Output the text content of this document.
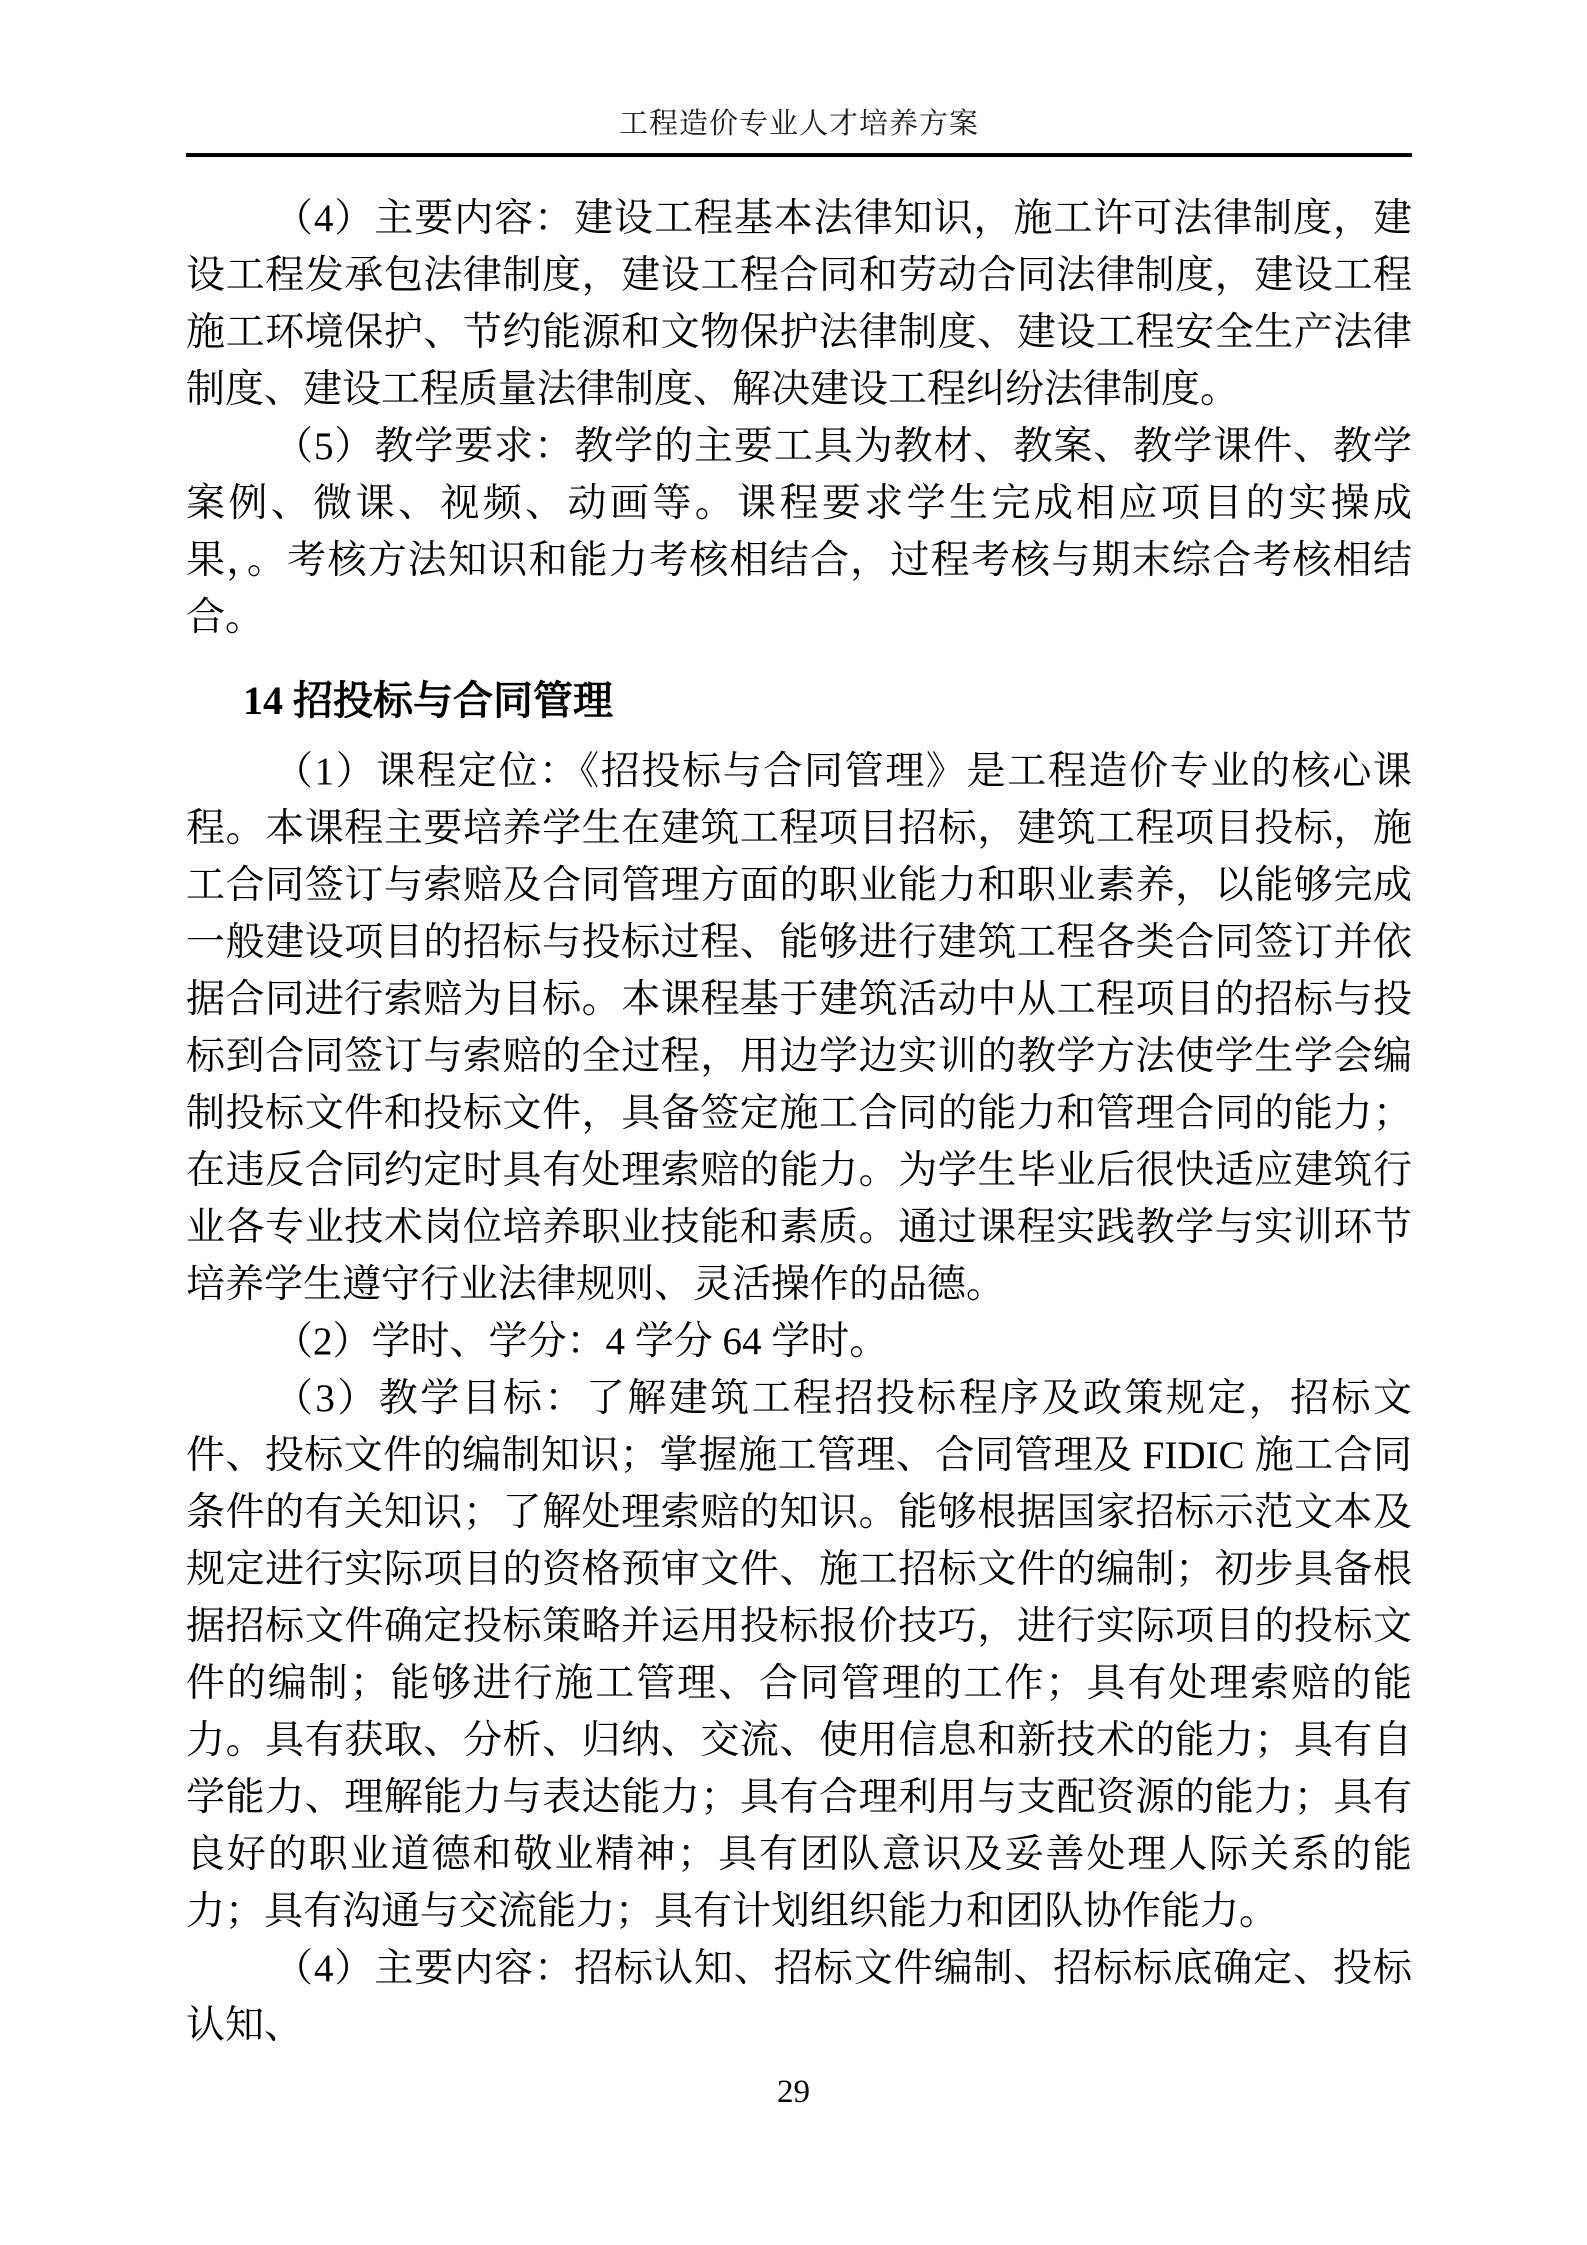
工程造价专业人才培养方案

（4）主要内容：建设工程基本法律知识，施工许可法律制度，建设工程发承包法律制度，建设工程合同和劳动合同法律制度，建设工程施工环境保护、节约能源和文物保护法律制度、建设工程安全生产法律制度、建设工程质量法律制度、解决建设工程纠纷法律制度。

（5）教学要求：教学的主要工具为教材、教案、教学课件、教学案例、微课、视频、动画等。课程要求学生完成相应项目的实操成果，。考核方法知识和能力考核相结合，过程考核与期末综合考核相结合。

14 招投标与合同管理

（1）课程定位：《招投标与合同管理》是工程造价专业的核心课程。本课程主要培养学生在建筑工程项目招标，建筑工程项目投标，施工合同签订与索赔及合同管理方面的职业能力和职业素养，以能够完成一般建设项目的招标与投标过程、能够进行建筑工程各类合同签订并依据合同进行索赔为目标。本课程基于建筑活动中从工程项目的招标与投标到合同签订与索赔的全过程，用边学边实训的教学方法使学生学会编制投标文件和投标文件，具备签定施工合同的能力和管理合同的能力；在违反合同约定时具有处理索赔的能力。为学生毕业后很快适应建筑行业各专业技术岗位培养职业技能和素质。通过课程实践教学与实训环节培养学生遵守行业法律规则、灵活操作的品德。

（2）学时、学分：4 学分 64 学时。

（3）教学目标：了解建筑工程招投标程序及政策规定，招标文件、投标文件的编制知识；掌握施工管理、合同管理及 FIDIC 施工合同条件的有关知识；了解处理索赔的知识。能够根据国家招标示范文本及规定进行实际项目的资格预审文件、施工招标文件的编制；初步具备根据招标文件确定投标策略并运用投标报价技巧，进行实际项目的投标文件的编制；能够进行施工管理、合同管理的工作；具有处理索赔的能力。具有获取、分析、归纳、交流、使用信息和新技术的能力；具有自学能力、理解能力与表达能力；具有合理利用与支配资源的能力；具有良好的职业道德和敬业精神；具有团队意识及妥善处理人际关系的能力；具有沟通与交流能力；具有计划组织能力和团队协作能力。

（4）主要内容：招标认知、招标文件编制、招标标底确定、投标认知、

29
